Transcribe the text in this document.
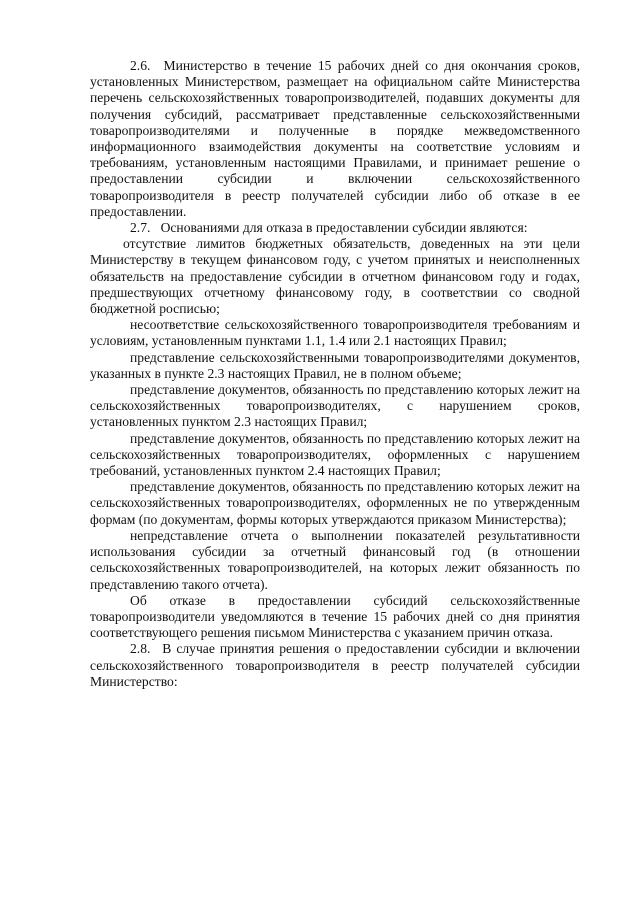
2.6.  Министерство в течение 15 рабочих дней со дня окончания сроков, установленных Министерством, размещает на официальном сайте Министерства перечень сельскохозяйственных товаропроизводителей, подавших документы для получения субсидий, рассматривает представленные сельскохозяйственными товаропроизводителями и полученные в порядке межведомственного информационного взаимодействия документы на соответствие условиям и требованиям, установленным настоящими Правилами, и принимает решение о предоставлении субсидии и включении сельскохозяйственного товаропроизводителя в реестр получателей субсидии либо об отказе в ее предоставлении.

2.7.  Основаниями для отказа в предоставлении субсидии являются:

отсутствие лимитов бюджетных обязательств, доведенных на эти цели Министерству в текущем финансовом году, с учетом принятых и неисполненных обязательств на предоставление субсидии в отчетном финансовом году и годах, предшествующих отчетному финансовому году, в соответствии со сводной бюджетной росписью;

несоответствие сельскохозяйственного товаропроизводителя требованиям и условиям, установленным пунктами 1.1, 1.4 или 2.1 настоящих Правил;

представление сельскохозяйственными товаропроизводителями документов, указанных в пункте 2.3 настоящих Правил, не в полном объеме;

представление документов, обязанность по представлению которых лежит на сельскохозяйственных товаропроизводителях, с нарушением сроков, установленных пунктом 2.3 настоящих Правил;

представление документов, обязанность по представлению которых лежит на сельскохозяйственных товаропроизводителях, оформленных с нарушением требований, установленных пунктом 2.4 настоящих Правил;

представление документов, обязанность по представлению которых лежит на сельскохозяйственных товаропроизводителях, оформленных не по утвержденным формам (по документам, формы которых утверждаются приказом Министерства);

непредставление отчета о выполнении показателей результативности использования субсидии за отчетный финансовый год (в отношении сельскохозяйственных товаропроизводителей, на которых лежит обязанность по представлению такого отчета).

Об отказе в предоставлении субсидий сельскохозяйственные товаропроизводители уведомляются в течение 15 рабочих дней со дня принятия соответствующего решения письмом Министерства с указанием причин отказа.

2.8.  В случае принятия решения о предоставлении субсидии и включении сельскохозяйственного товаропроизводителя в реестр получателей субсидии Министерство:
